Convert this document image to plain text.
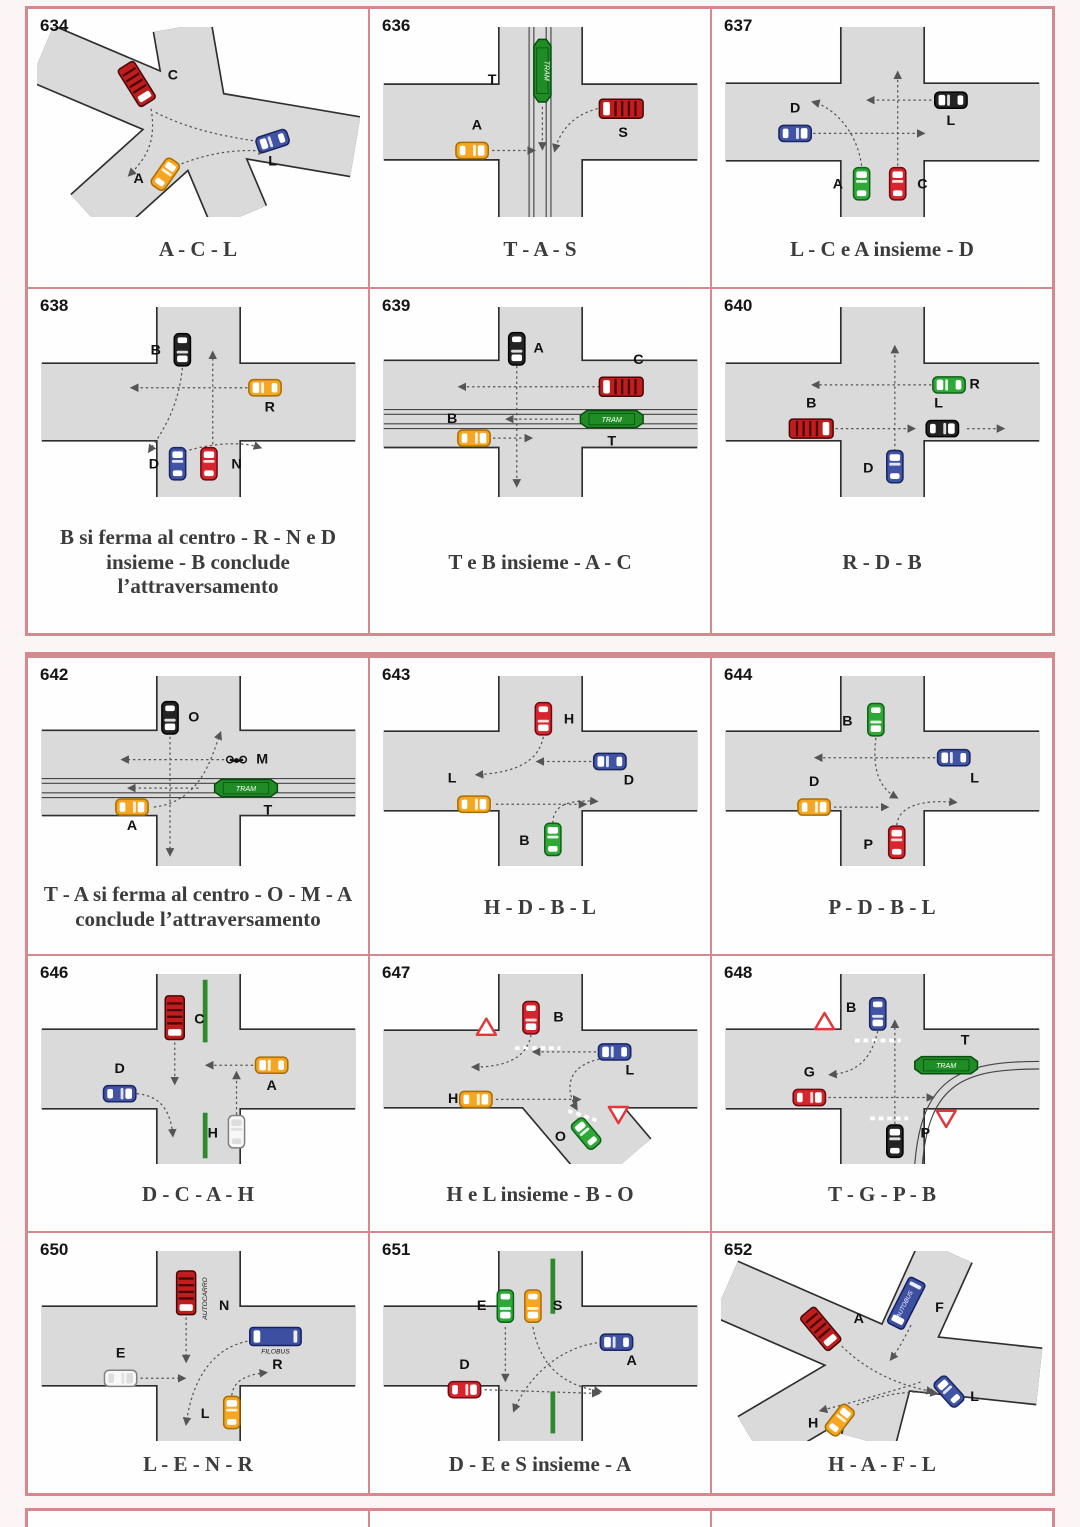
634
C
L
A
A - C - L
636
T
A	S
TRAM
T - A - S
637
L
D
A	C
L - C e A insieme - D
638
B
R
D	N
B si ferma al centro - R - N e D insieme - B conclude l’attraversamento
639
A
C
T
B	TRAM
T e B insieme - A - C
640
R
B	L
D
R - D - B
642
O
M
T
A
TRAM
T - A si ferma al centro - O - M - A conclude l’attraversamento
643
H
D
L
B
H - D - B - L
644
B
L
D
P
P - D - B - L
646
C
D
A
H
D - C - A - H
647
B
L
H
O
H e L insieme - B - O
648
B
T
G
P
TRAM
T - G - P - B
650
N
AUTOCARRO
FILOBUS
R
E
L
L - E - N - R
651
E	S
A
D
D - E e S insieme - A
652
A
F
L
H
AUTOBUS
H - A - F - L
